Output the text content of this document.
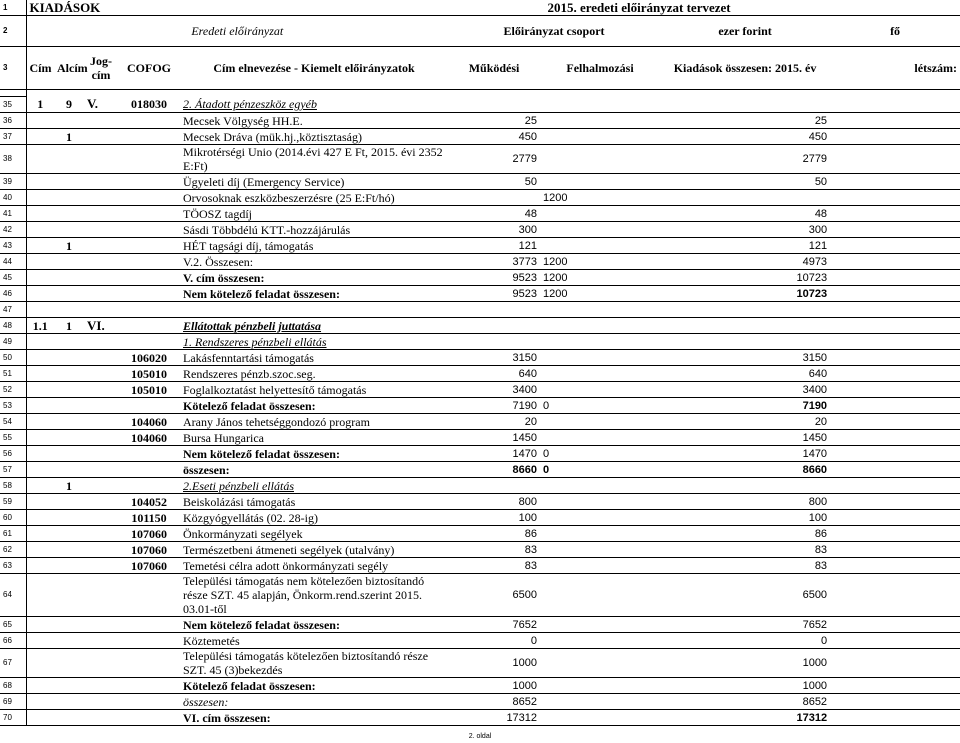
1	KIADÁSOK					2015. eredeti előirányzat tervezet			
2	Eredeti előirányzat					Előirányzat csoport		ezer forint	fő
3	Cím	Alcím	Jog-cím	COFOG	Cím elnevezése - Kiemelt előirányzatok	Működési	Felhalmozási	Kiadások összesen: 2015. év	létszám:

35	1	9	V.	018030	2. Átadott pénzeszköz egyéb				
36					Mecsek Völgység HH.E.	25		25	
37		1			Mecsek Dráva (mük.hj.,köztisztaság)	450		450	
38					Mikrotérségi Unio (2014.évi 427 E Ft, 2015. évi 2352 E:Ft)	2779		2779	
39					Ügyeleti díj (Emergency Service)	50		50	
40					Orvosoknak eszközbeszerzésre (25 E:Ft/hó)		1200		
41					TÖOSZ tagdíj	48		48	
42					Sásdi Többdélú KTT.-hozzájárulás	300		300	
43		1			HÉT tagsági díj, támogatás	121		121	
44					V.2. Összesen:	3773	1200	4973	
45					V. cím összesen:	9523	1200	10723	
46					Nem kötelező feladat összesen:	9523	1200	10723	
47									
48	1.1	1	VI.		Ellátottak pénzbeli juttatása				
49					1. Rendszeres pénzbeli ellátás				
50				106020	Lakásfenntartási támogatás	3150		3150	
51				105010	Rendszeres pénzb.szoc.seg.	640		640	
52				105010	Foglalkoztatást helyettesítő támogatás	3400		3400	
53					Kötelező feladat összesen:	7190	0	7190	
54				104060	Arany János tehetséggondozó program	20		20	
55				104060	Bursa Hungarica	1450		1450	
56					Nem kötelező feladat összesen:	1470	0	1470	
57					összesen:	8660	0	8660	
58		1			2.Eseti pénzbeli ellátás				
59				104052	Beiskolázási támogatás	800		800	
60				101150	Közgyógyellátás (02. 28-ig)	100		100	
61				107060	Önkormányzati segélyek	86		86	
62				107060	Természetbeni átmeneti segélyek (utalvány)	83		83	
63				107060	Temetési célra adott önkormányzati segély	83		83	
64					Települési támogatás nem kötelezően biztosítandó része SZT. 45 alapján, Önkorm.rend.szerint 2015. 03.01-től	6500		6500	
65					Nem kötelező feladat összesen:	7652		7652	
66					Köztemetés	0		0	
67					Települési támogatás kötelezően biztosítandó része SZT. 45 (3)bekezdés	1000		1000	
68					Kötelező feladat összesen:	1000		1000	
69					összesen:	8652		8652	
70					VI. cím összesen:	17312		17312	
2. oldal
